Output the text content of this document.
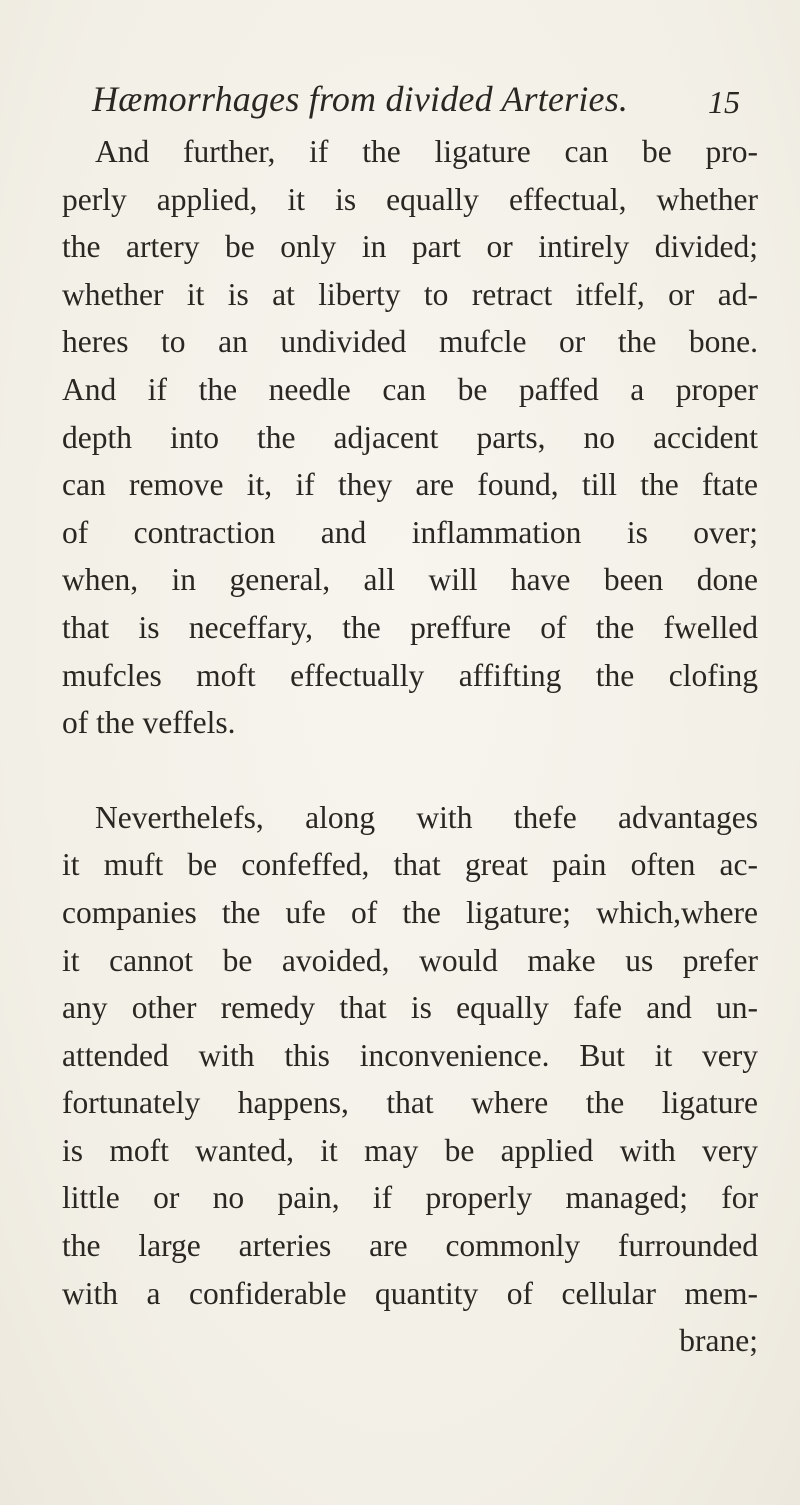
Hæmorrhages from divided Arteries. 15
And further, if the ligature can be pro-
perly applied, it is equally effectual, whether
the artery be only in part or intirely divided;
whether it is at liberty to retract itfelf, or ad-
heres to an undivided mufcle or the bone.
And if the needle can be paffed a proper
depth into the adjacent parts, no accident
can remove it, if they are found, till the ftate
of contraction and inflammation is over;
when, in general, all will have been done
that is neceffary, the preffure of the fwelled
mufcles moft effectually affifting the clofing
of the veffels.
Neverthelefs, along with thefe advantages
it muft be confeffed, that great pain often ac-
companies the ufe of the ligature; which,where
it cannot be avoided, would make us prefer
any other remedy that is equally fafe and un-
attended with this inconvenience. But it very
fortunately happens, that where the ligature
is moft wanted, it may be applied with very
little or no pain, if properly managed; for
the large arteries are commonly furrounded
with a confiderable quantity of cellular mem-
brane;
